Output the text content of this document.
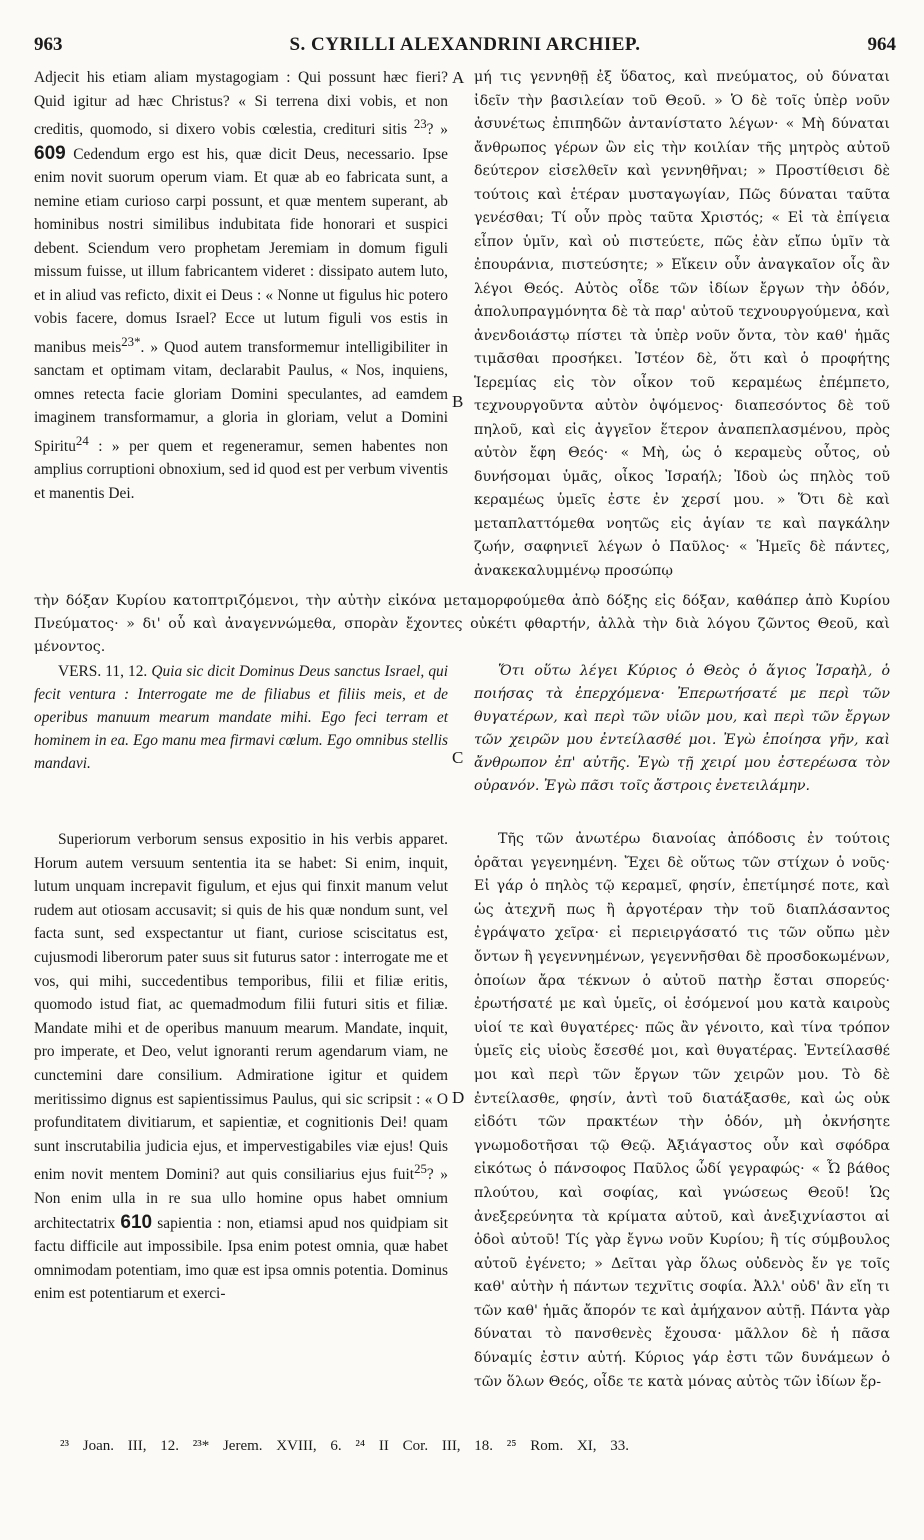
963	S. CYRILLI ALEXANDRINI ARCHIEP.	964

Adjecit his etiam aliam mystagogiam : Qui possunt hæc fieri? Quid igitur ad hæc Christus? « Si terrena dixi vobis, et non creditis, quomodo, si dixero vobis cœlestia, credituri sitis $^{23}$? » 609 Cedendum ergo est his, quæ dicit Deus, necessario. Ipse enim novit suorum operum viam. Et quæ ab eo fabricata sunt, a nemine etiam curioso carpi possunt, et quæ mentem superant, ab hominibus nostri similibus indubitata fide honorari et suspici debent. Sciendum vero prophetam Jeremiam in domum figuli missum fuisse, ut illum fabricantem videret : dissipato autem luto, et in aliud vas reficto, dixit ei Deus : « Nonne ut figulus hic potero vobis facere, domus Israel? Ecce ut lutum figuli vos estis in manibus meis$^{23*}$. » Quod autem transformemur intelligibiliter in sanctam et optimam vitam, declarabit Paulus, « Nos, inquiens, omnes retecta facie gloriam Domini speculantes, ad eamdem imaginem transformamur, a gloria in gloriam, velut a Domini Spiritu$^{24}$ : » per quem et regeneramur, semen habentes non amplius corruptioni obnoxium, sed id quod est per verbum viventis et manentis Dei.

A
B
C
D

μή τις γεννηθῇ ἐξ ὕδατος, καὶ πνεύματος, οὐ δύναται ἰδεῖν τὴν βασιλείαν τοῦ Θεοῦ. » Ὁ δὲ τοῖς ὑπὲρ νοῦν ἀσυνέτως ἐπιπηδῶν ἀντανίστατο λέγων· « Μὴ δύναται ἄνθρωπος γέρων ὢν εἰς τὴν κοιλίαν τῆς μητρὸς αὐτοῦ δεύτερον εἰσελθεῖν καὶ γεννηθῆναι; » Προστίθεισι δὲ τούτοις καὶ ἑτέραν μυσταγωγίαν, Πῶς δύναται ταῦτα γενέσθαι; Τί οὖν πρὸς ταῦτα Χριστός; « Εἰ τὰ ἐπίγεια εἶπον ὑμῖν, καὶ οὐ πιστεύετε, πῶς ἐὰν εἴπω ὑμῖν τὰ ἐπουράνια, πιστεύσητε; » Εἴκειν οὖν ἀναγκαῖον οἷς ἂν λέγοι Θεός. Αὐτὸς οἶδε τῶν ἰδίων ἔργων τὴν ὁδόν, ἀπολυπραγμόνητα δὲ τὰ παρ' αὐτοῦ τεχνουργούμενα, καὶ ἀνενδοιάστῳ πίστει τὰ ὑπὲρ νοῦν ὄντα, τὸν καθ' ἡμᾶς τιμᾶσθαι προσήκει. Ἰστέον δὲ, ὅτι καὶ ὁ προφήτης Ἱερεμίας εἰς τὸν οἶκον τοῦ κεραμέως ἐπέμπετο, τεχνουργοῦντα αὐτὸν ὀψόμενος· διαπεσόντος δὲ τοῦ πηλοῦ, καὶ εἰς ἀγγεῖον ἕτερον ἀναπεπλασμένου, πρὸς αὐτὸν ἔφη Θεός· « Μὴ, ὡς ὁ κεραμεὺς οὗτος, οὐ δυνήσομαι ὑμᾶς, οἶκος Ἰσραήλ; Ἰδοὺ ὡς πηλὸς τοῦ κεραμέως ὑμεῖς ἐστε ἐν χερσί μου. » Ὅτι δὲ καὶ μεταπλαττόμεθα νοητῶς εἰς ἁγίαν τε καὶ παγκάλην ζωήν, σαφηνιεῖ λέγων ὁ Παῦλος· « Ἡμεῖς δὲ πάντες, ἀνακεκαλυμμένῳ προσώπῳ

τὴν δόξαν Κυρίου κατοπτριζόμενοι, τὴν αὐτὴν εἰκόνα μεταμορφούμεθα ἀπὸ δόξης εἰς δόξαν, καθάπερ ἀπὸ Κυρίου Πνεύματος· » δι' οὗ καὶ ἀναγεννώμεθα, σπορὰν ἔχοντες οὐκέτι φθαρτήν, ἀλλὰ τὴν διὰ λόγου ζῶντος Θεοῦ, καὶ μένοντος.

VERS. 11, 12. Quia sic dicit Dominus Deus sanctus Israel, qui fecit ventura : Interrogate me de filiabus et filiis meis, et de operibus manuum mearum mandate mihi. Ego feci terram et hominem in ea. Ego manu mea firmavi cœlum. Ego omnibus stellis mandavi.

Ὅτι οὕτω λέγει Κύριος ὁ Θεὸς ὁ ἅγιος Ἰσραὴλ, ὁ ποιήσας τὰ ἐπερχόμενα· Ἐπερωτήσατέ με περὶ τῶν θυγατέρων, καὶ περὶ τῶν υἱῶν μου, καὶ περὶ τῶν ἔργων τῶν χειρῶν μου ἐντείλασθέ μοι. Ἐγὼ ἐποίησα γῆν, καὶ ἄνθρωπον ἐπ' αὐτῆς. Ἐγὼ τῇ χειρί μου ἐστερέωσα τὸν οὐρανόν. Ἐγὼ πᾶσι τοῖς ἄστροις ἐνετειλάμην.

Superiorum verborum sensus expositio in his verbis apparet. Horum autem versuum sententia ita se habet: Si enim, inquit, lutum unquam increpavit figulum, et ejus qui finxit manum velut rudem aut otiosam accusavit; si quis de his quæ nondum sunt, vel facta sunt, sed exspectantur ut fiant, curiose sciscitatus est, cujusmodi liberorum pater suus sit futurus sator : interrogate me et vos, qui mihi, succedentibus temporibus, filii et filiæ eritis, quomodo istud fiat, ac quemadmodum filii futuri sitis et filiæ. Mandate mihi et de operibus manuum mearum. Mandate, inquit, pro imperate, et Deo, velut ignoranti rerum agendarum viam, ne cunctemini dare consilium. Admiratione igitur et quidem meritissimo dignus est sapientissimus Paulus, qui sic scripsit : « O profunditatem divitiarum, et sapientiæ, et cognitionis Dei! quam sunt inscrutabilia judicia ejus, et impervestigabiles viæ ejus! Quis enim novit mentem Domini? aut quis consiliarius ejus fuit$^{25}$? » Non enim ulla in re sua ullo homine opus habet omnium architectatrix 610 sapientia : non, etiamsi apud nos quidpiam sit factu difficile aut impossibile. Ipsa enim potest omnia, quæ habet omnimodam potentiam, imo quæ est ipsa omnis potentia. Dominus enim est potentiarum et exerci-

Τῆς τῶν ἀνωτέρω διανοίας ἀπόδοσις ἐν τούτοις ὁρᾶται γεγενημένη. Ἔχει δὲ οὕτως τῶν στίχων ὁ νοῦς· Εἰ γάρ ὁ πηλὸς τῷ κεραμεῖ, φησίν, ἐπετίμησέ ποτε, καὶ ὡς ἀτεχνῆ πως ἢ ἀργοτέραν τὴν τοῦ διαπλάσαντος ἐγράψατο χεῖρα· εἰ περιειργάσατό τις τῶν οὔπω μὲν ὄντων ἢ γεγεννημένων, γεγεννῆσθαι δὲ προσδοκωμένων, ὁποίων ἄρα τέκνων ὁ αὐτοῦ πατὴρ ἔσται σπορεύς· ἐρωτήσατέ με καὶ ὑμεῖς, οἱ ἐσόμενοί μου κατὰ καιροὺς υἱοί τε καὶ θυγατέρες· πῶς ἂν γένοιτο, καὶ τίνα τρόπον ὑμεῖς εἰς υἱοὺς ἔσεσθέ μοι, καὶ θυγατέρας. Ἐντείλασθέ μοι καὶ περὶ τῶν ἔργων τῶν χειρῶν μου. Τὸ δὲ ἐντείλασθε, φησίν, ἀντὶ τοῦ διατάξασθε, καὶ ὡς οὐκ εἰδότι τῶν πρακτέων τὴν ὁδόν, μὴ ὀκνήσητε γνωμοδοτῆσαι τῷ Θεῷ. Ἀξιάγαστος οὖν καὶ σφόδρα εἰκότως ὁ πάνσοφος Παῦλος ὧδί γεγραφώς· « Ὦ βάθος πλούτου, καὶ σοφίας, καὶ γνώσεως Θεοῦ! Ὡς ἀνεξερεύνητα τὰ κρίματα αὐτοῦ, καὶ ἀνεξιχνίαστοι αἱ ὁδοὶ αὐτοῦ! Τίς γὰρ ἔγνω νοῦν Κυρίου; ἢ τίς σύμβουλος αὐτοῦ ἐγένετο; » Δεῖται γὰρ ὅλως οὐδενὸς ἔν γε τοῖς καθ' αὑτὴν ἡ πάντων τεχνῖτις σοφία. Ἀλλ' οὐδ' ἂν εἴη τι τῶν καθ' ἡμᾶς ἄπορόν τε καὶ ἀμήχανον αὐτῇ. Πάντα γὰρ δύναται τὸ πανσθενὲς ἔχουσα· μᾶλλον δὲ ἡ πᾶσα δύναμίς ἐστιν αὐτή. Κύριος γάρ ἐστι τῶν δυνάμεων ὁ τῶν ὅλων Θεός, οἶδε τε κατὰ μόνας αὐτὸς τῶν ἰδίων ἔρ-

²³ Joan. III, 12. ²³* Jerem. XVIII, 6. ²⁴ II Cor. III, 18. ²⁵ Rom. XI, 33.
